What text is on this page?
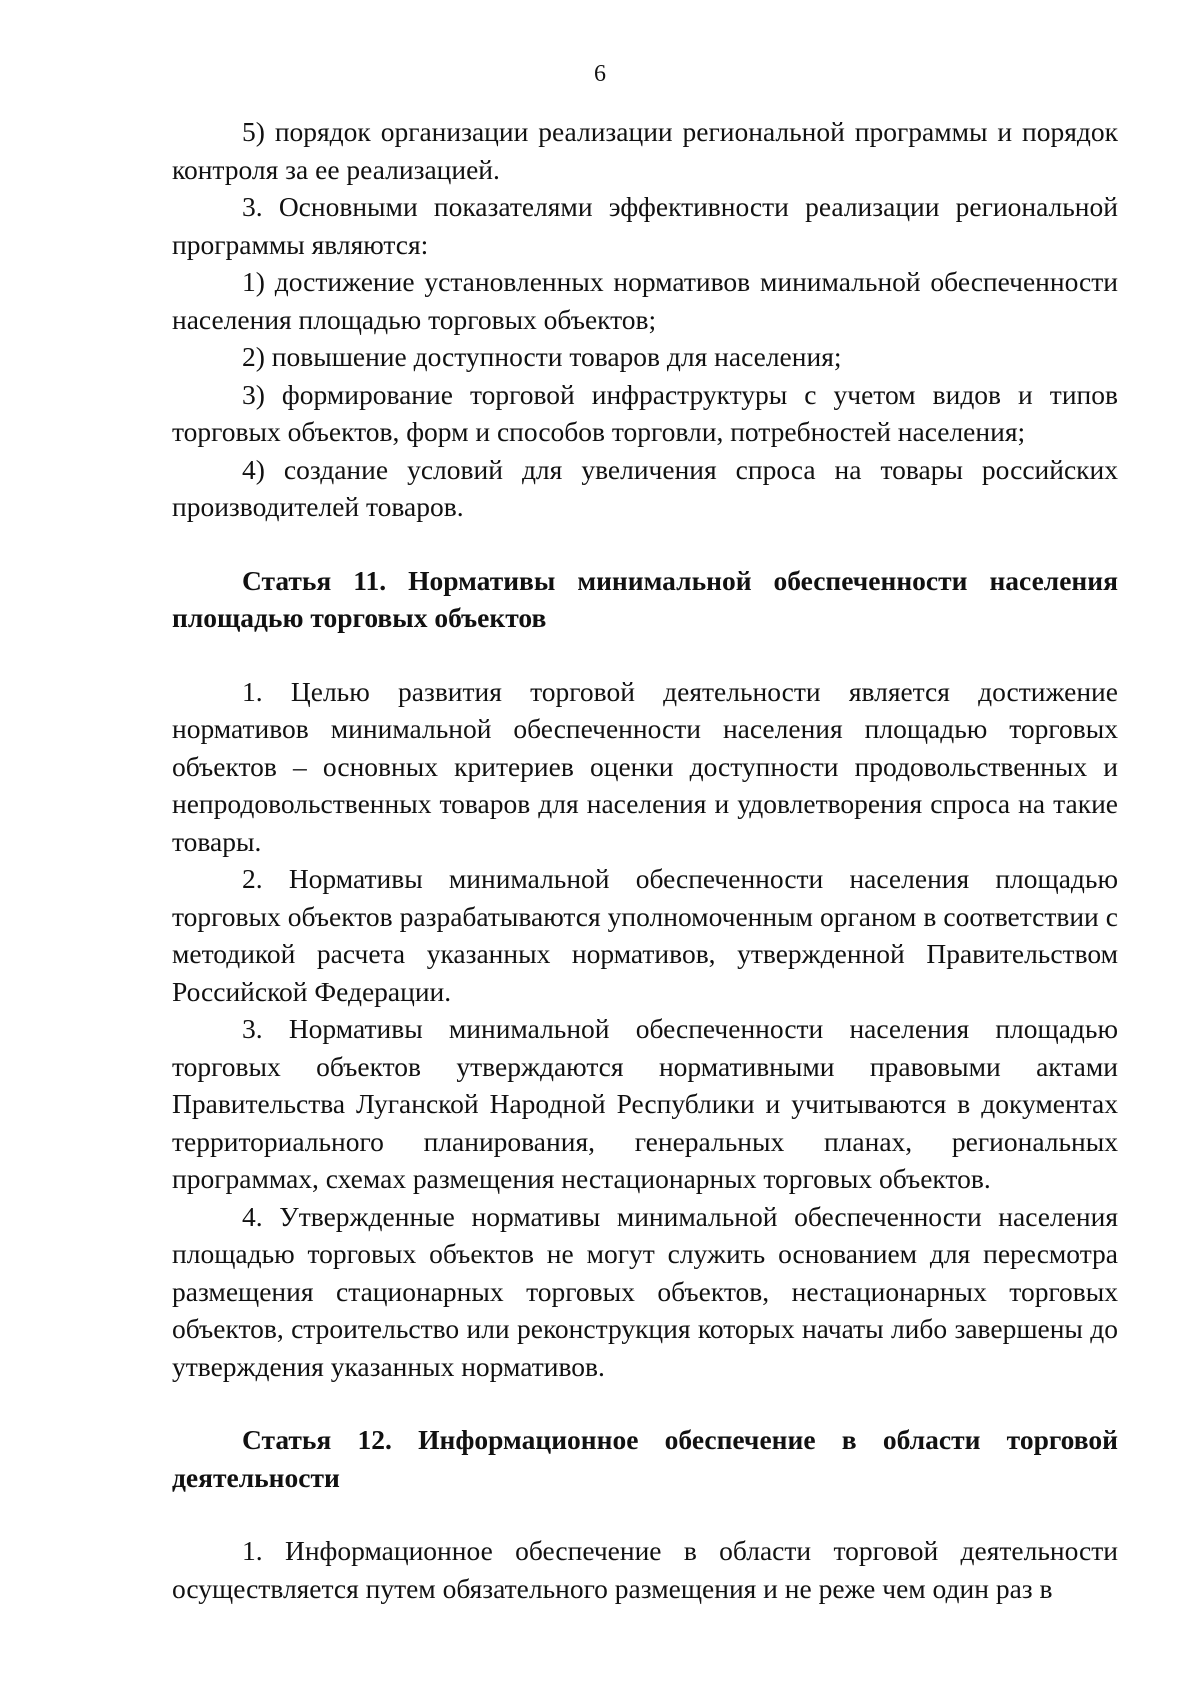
6

5) порядок организации реализации региональной программы и порядок контроля за ее реализацией.

3. Основными показателями эффективности реализации региональной программы являются:

1) достижение установленных нормативов минимальной обеспеченности населения площадью торговых объектов;

2) повышение доступности товаров для населения;

3) формирование торговой инфраструктуры с учетом видов и типов торговых объектов, форм и способов торговли, потребностей населения;

4) создание условий для увеличения спроса на товары российских производителей товаров.

Статья 11. Нормативы минимальной обеспеченности населения площадью торговых объектов

1. Целью развития торговой деятельности является достижение нормативов минимальной обеспеченности населения площадью торговых объектов – основных критериев оценки доступности продовольственных и непродовольственных товаров для населения и удовлетворения спроса на такие товары.

2. Нормативы минимальной обеспеченности населения площадью торговых объектов разрабатываются уполномоченным органом в соответствии с методикой расчета указанных нормативов, утвержденной Правительством Российской Федерации.

3. Нормативы минимальной обеспеченности населения площадью торговых объектов утверждаются нормативными правовыми актами Правительства Луганской Народной Республики и учитываются в документах территориального планирования, генеральных планах, региональных программах, схемах размещения нестационарных торговых объектов.

4. Утвержденные нормативы минимальной обеспеченности населения площадью торговых объектов не могут служить основанием для пересмотра размещения стационарных торговых объектов, нестационарных торговых объектов, строительство или реконструкция которых начаты либо завершены до утверждения указанных нормативов.

Статья 12. Информационное обеспечение в области торговой деятельности

1. Информационное обеспечение в области торговой деятельности осуществляется путем обязательного размещения и не реже чем один раз в
